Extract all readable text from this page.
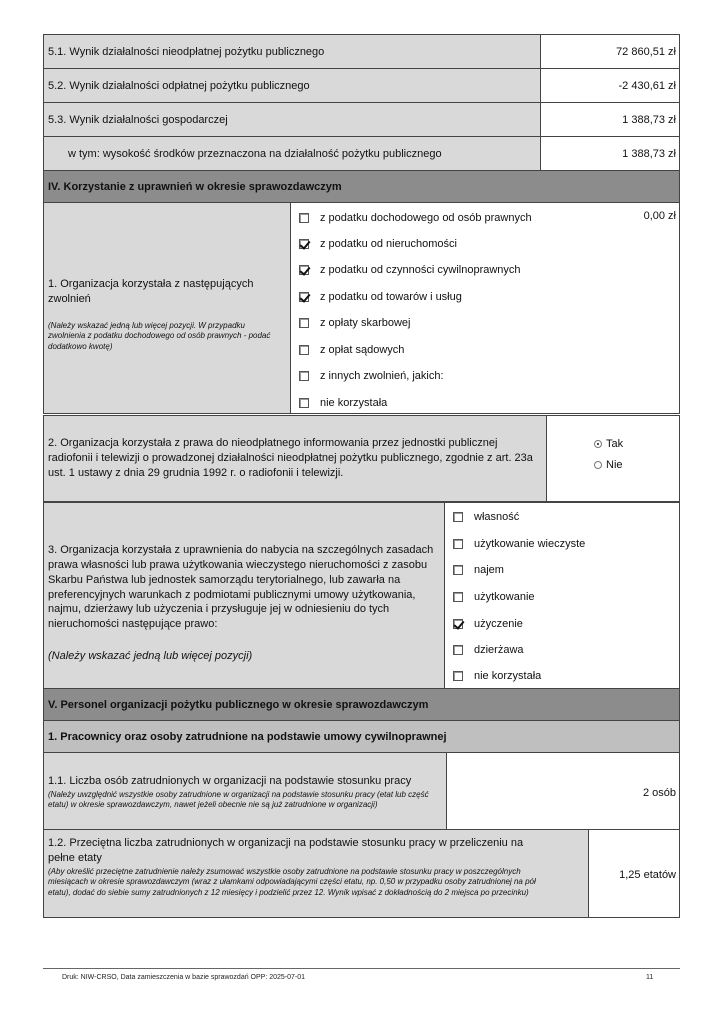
5.1. Wynik działalności nieodpłatnej pożytku publicznego	72 860,51 zł
5.2. Wynik działalności odpłatnej pożytku publicznego	-2 430,61 zł
5.3. Wynik działalności gospodarczej	1 388,73 zł
w tym: wysokość środków przeznaczona na działalność pożytku publicznego	1 388,73 zł
IV. Korzystanie z uprawnień w okresie sprawozdawczym
1. Organizacja korzystała z następujących zwolnień
(Należy wskazać jedną lub więcej pozycji. W przypadku zwolnienia z podatku dochodowego od osób prawnych - podać dodatkowo kwotę)
0,00 zł
z podatku dochodowego od osób prawnych
z podatku od nieruchomości
z podatku od czynności cywilnoprawnych
z podatku od towarów i usług
z opłaty skarbowej
z opłat sądowych
z innych zwolnień, jakich:
nie korzystała
2. Organizacja korzystała z prawa do nieodpłatnego informowania przez jednostki publicznej radiofonii i telewizji o prowadzonej działalności nieodpłatnej pożytku publicznego, zgodnie z art. 23a ust. 1 ustawy z dnia 29 grudnia 1992 r. o radiofonii i telewizji.
Tak
Nie
3. Organizacja korzystała z uprawnienia do nabycia na szczególnych zasadach prawa własności lub prawa użytkowania wieczystego nieruchomości z zasobu Skarbu Państwa lub jednostek samorządu terytorialnego, lub zawarła na preferencyjnych warunkach z podmiotami publicznymi umowy użytkowania, najmu, dzierżawy lub użyczenia i przysługuje jej w odniesieniu do tych nieruchomości następujące prawo:
(Należy wskazać jedną lub więcej pozycji)
własność
użytkowanie wieczyste
najem
użytkowanie
użyczenie
dzierżawa
nie korzystała
V. Personel organizacji pożytku publicznego w okresie sprawozdawczym
1. Pracownicy oraz osoby zatrudnione na podstawie umowy cywilnoprawnej
1.1. Liczba osób zatrudnionych w organizacji na podstawie stosunku pracy
(Należy uwzględnić wszystkie osoby zatrudnione w organizacji na podstawie stosunku pracy (etat lub część etatu) w okresie sprawozdawczym, nawet jeżeli obecnie nie są już zatrudnione w organizacji)
2 osób
1.2. Przeciętna liczba zatrudnionych w organizacji na podstawie stosunku pracy w przeliczeniu na pełne etaty
(Aby określić przeciętne zatrudnienie należy zsumować wszystkie osoby zatrudnione na podstawie stosunku pracy w poszczególnych miesiącach w okresie sprawozdawczym (wraz z ułamkami odpowiadającymi części etatu, np. 0,50 w przypadku osoby zatrudnionej na pół etatu), dodać do siebie sumy zatrudnionych z 12 miesięcy i podzielić przez 12. Wynik wpisać z dokładnością do 2 miejsca po przecinku)
1,25 etatów
Druk: NIW-CRSO, Data zamieszczenia w bazie sprawozdań OPP: 2025-07-01	11
